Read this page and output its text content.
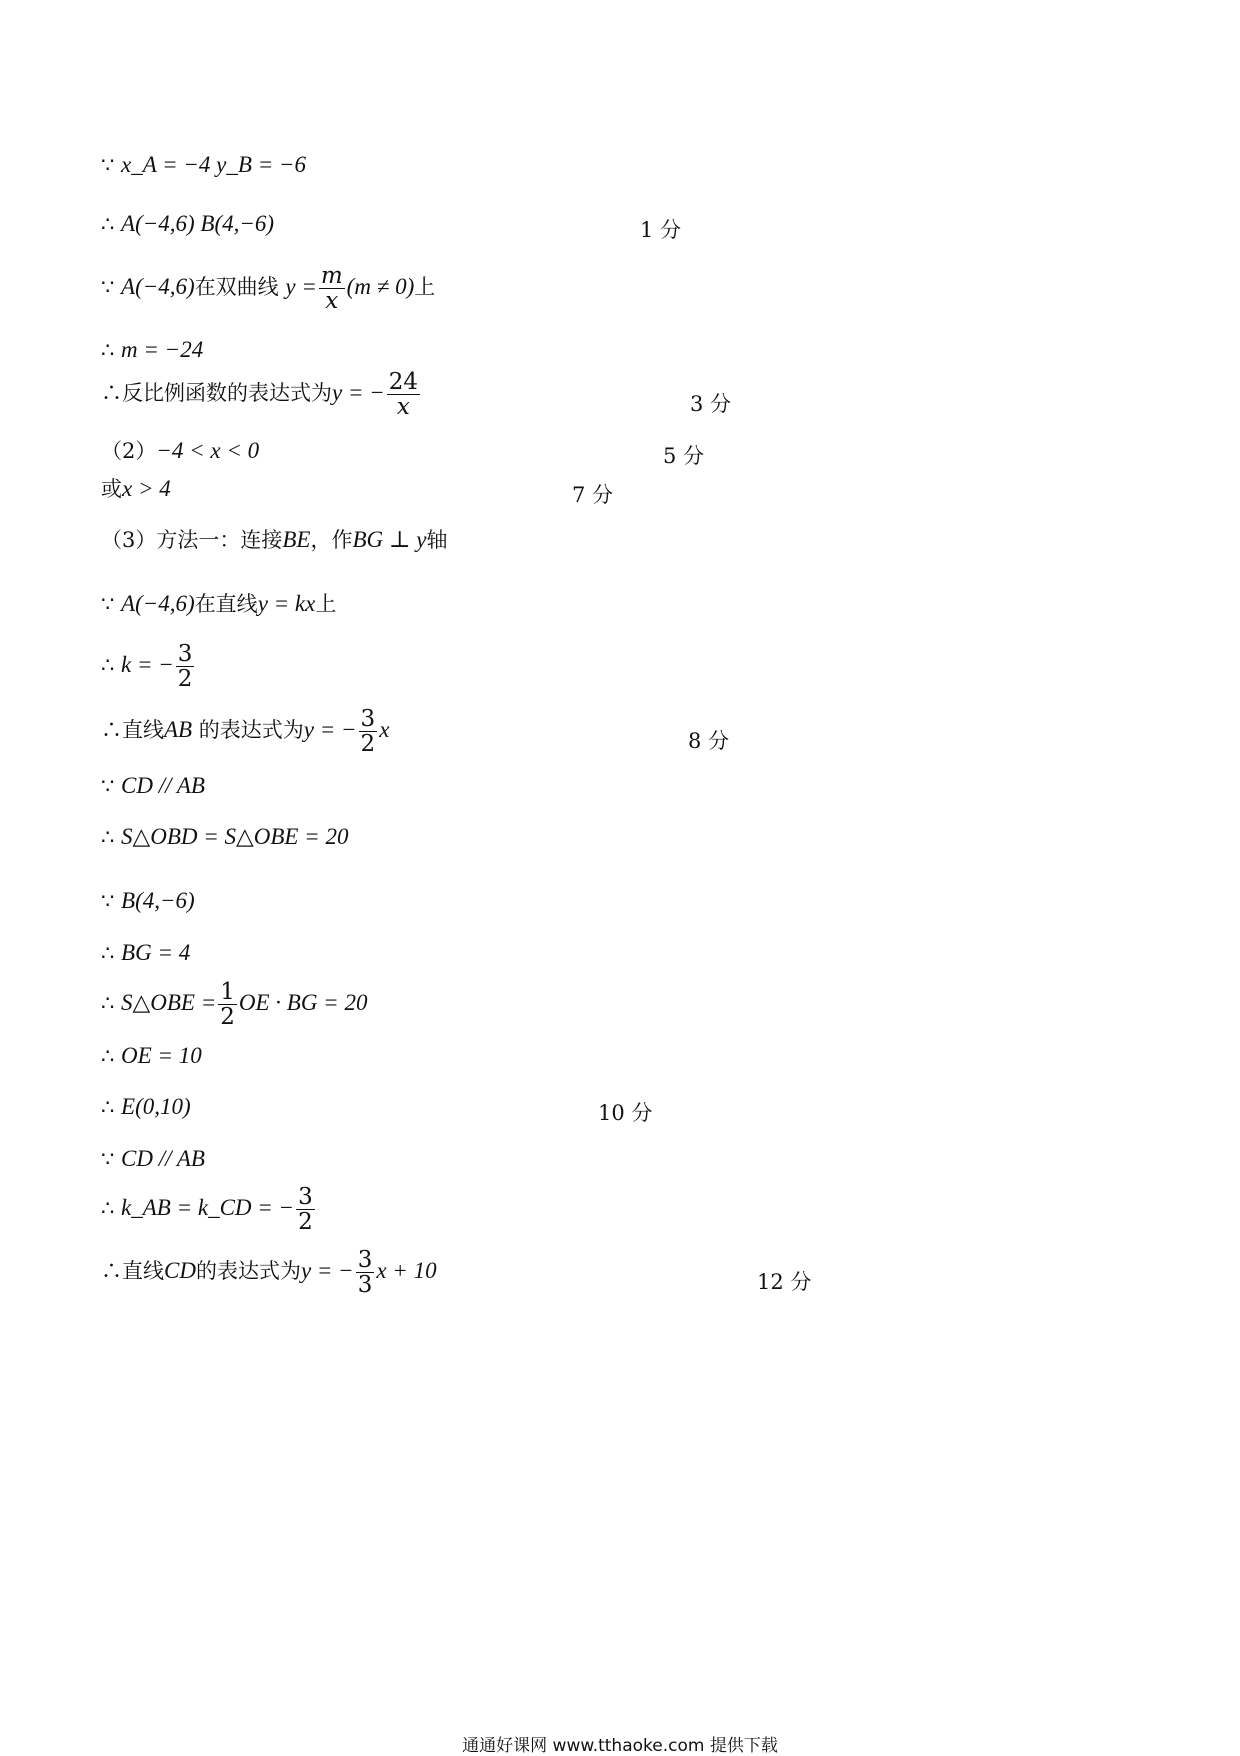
∵ x_A = −4 y_B = −6
∴ A(−4,6) B(4,−6)	1 分
∵ A(−4,6)在双曲线 $y = \frac{m}{x} (m \ne 0)$上
∴ m = −24
∴反比例函数的表达式为y = − $\frac{24}{x}$	3 分
（2）−4 < x < 0	5 分
或x > 4	7 分
（3）方法一：连接BE，作BG ⊥ y轴
∵ A(−4,6)在直线y = kx上
∴ k = − $\frac{3}{2}$
∴直线AB 的表达式为y = − $\frac{3}{2}$ x	8 分
∵ CD // AB
∴ S△OBD = S△OBE = 20
∵ B(4,−6)
∴ BG = 4
∴ S△OBE = $\frac{1}{2}$ OE · BG = 20
∴ OE = 10
∴ E(0,10)	10 分
∵ CD // AB
∴ k_AB = k_CD = − $\frac{3}{2}$
∴直线CD的表达式为y = − $\frac{3}{3}$ x + 10	12 分
通通好课网 www.tthaoke.com 提供下载
